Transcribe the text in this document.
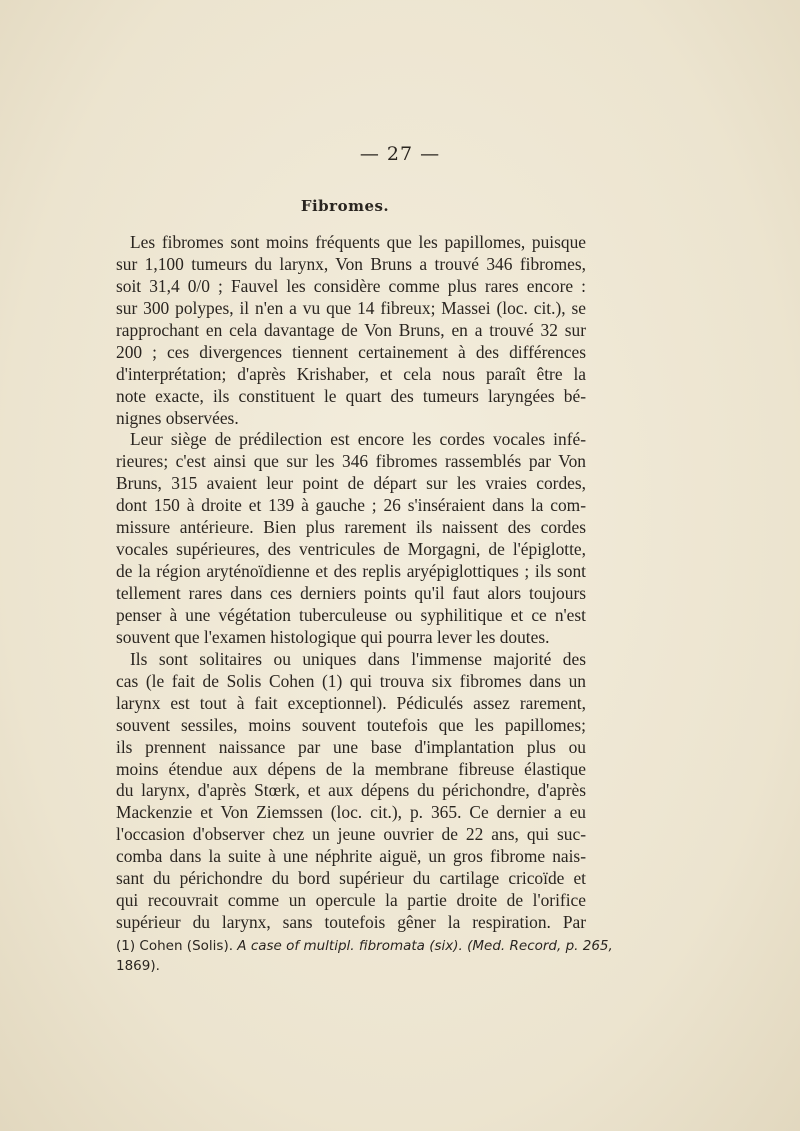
— 27 —
Fibromes.
Les fibromes sont moins fréquents que les papillomes, puisque
sur 1,100 tumeurs du larynx, Von Bruns a trouvé 346 fibromes,
soit 31,4 0/0 ; Fauvel les considère comme plus rares encore :
sur 300 polypes, il n'en a vu que 14 fibreux; Massei (loc. cit.), se
rapprochant en cela davantage de Von Bruns, en a trouvé 32 sur
200 ; ces divergences tiennent certainement à des différences
d'interprétation; d'après Krishaber, et cela nous paraît être la
note exacte, ils constituent le quart des tumeurs laryngées bé-
nignes observées.
Leur siège de prédilection est encore les cordes vocales infé-
rieures; c'est ainsi que sur les 346 fibromes rassemblés par Von
Bruns, 315 avaient leur point de départ sur les vraies cordes,
dont 150 à droite et 139 à gauche ; 26 s'inséraient dans la com-
missure antérieure. Bien plus rarement ils naissent des cordes
vocales supérieures, des ventricules de Morgagni, de l'épiglotte,
de la région aryténoïdienne et des replis aryépiglottiques ; ils sont
tellement rares dans ces derniers points qu'il faut alors toujours
penser à une végétation tuberculeuse ou syphilitique et ce n'est
souvent que l'examen histologique qui pourra lever les doutes.
Ils sont solitaires ou uniques dans l'immense majorité des
cas (le fait de Solis Cohen (1) qui trouva six fibromes dans un
larynx est tout à fait exceptionnel). Pédiculés assez rarement,
souvent sessiles, moins souvent toutefois que les papillomes;
ils prennent naissance par une base d'implantation plus ou
moins étendue aux dépens de la membrane fibreuse élastique
du larynx, d'après Stœrk, et aux dépens du périchondre, d'après
Mackenzie et Von Ziemssen (loc. cit.), p. 365. Ce dernier a eu
l'occasion d'observer chez un jeune ouvrier de 22 ans, qui suc-
comba dans la suite à une néphrite aiguë, un gros fibrome nais-
sant du périchondre du bord supérieur du cartilage cricoïde et
qui recouvrait comme un opercule la partie droite de l'orifice
supérieur du larynx, sans toutefois gêner la respiration. Par
(1) Cohen (Solis). A case of multipl. fibromata (six). (Med. Record, p. 265,
1869).
